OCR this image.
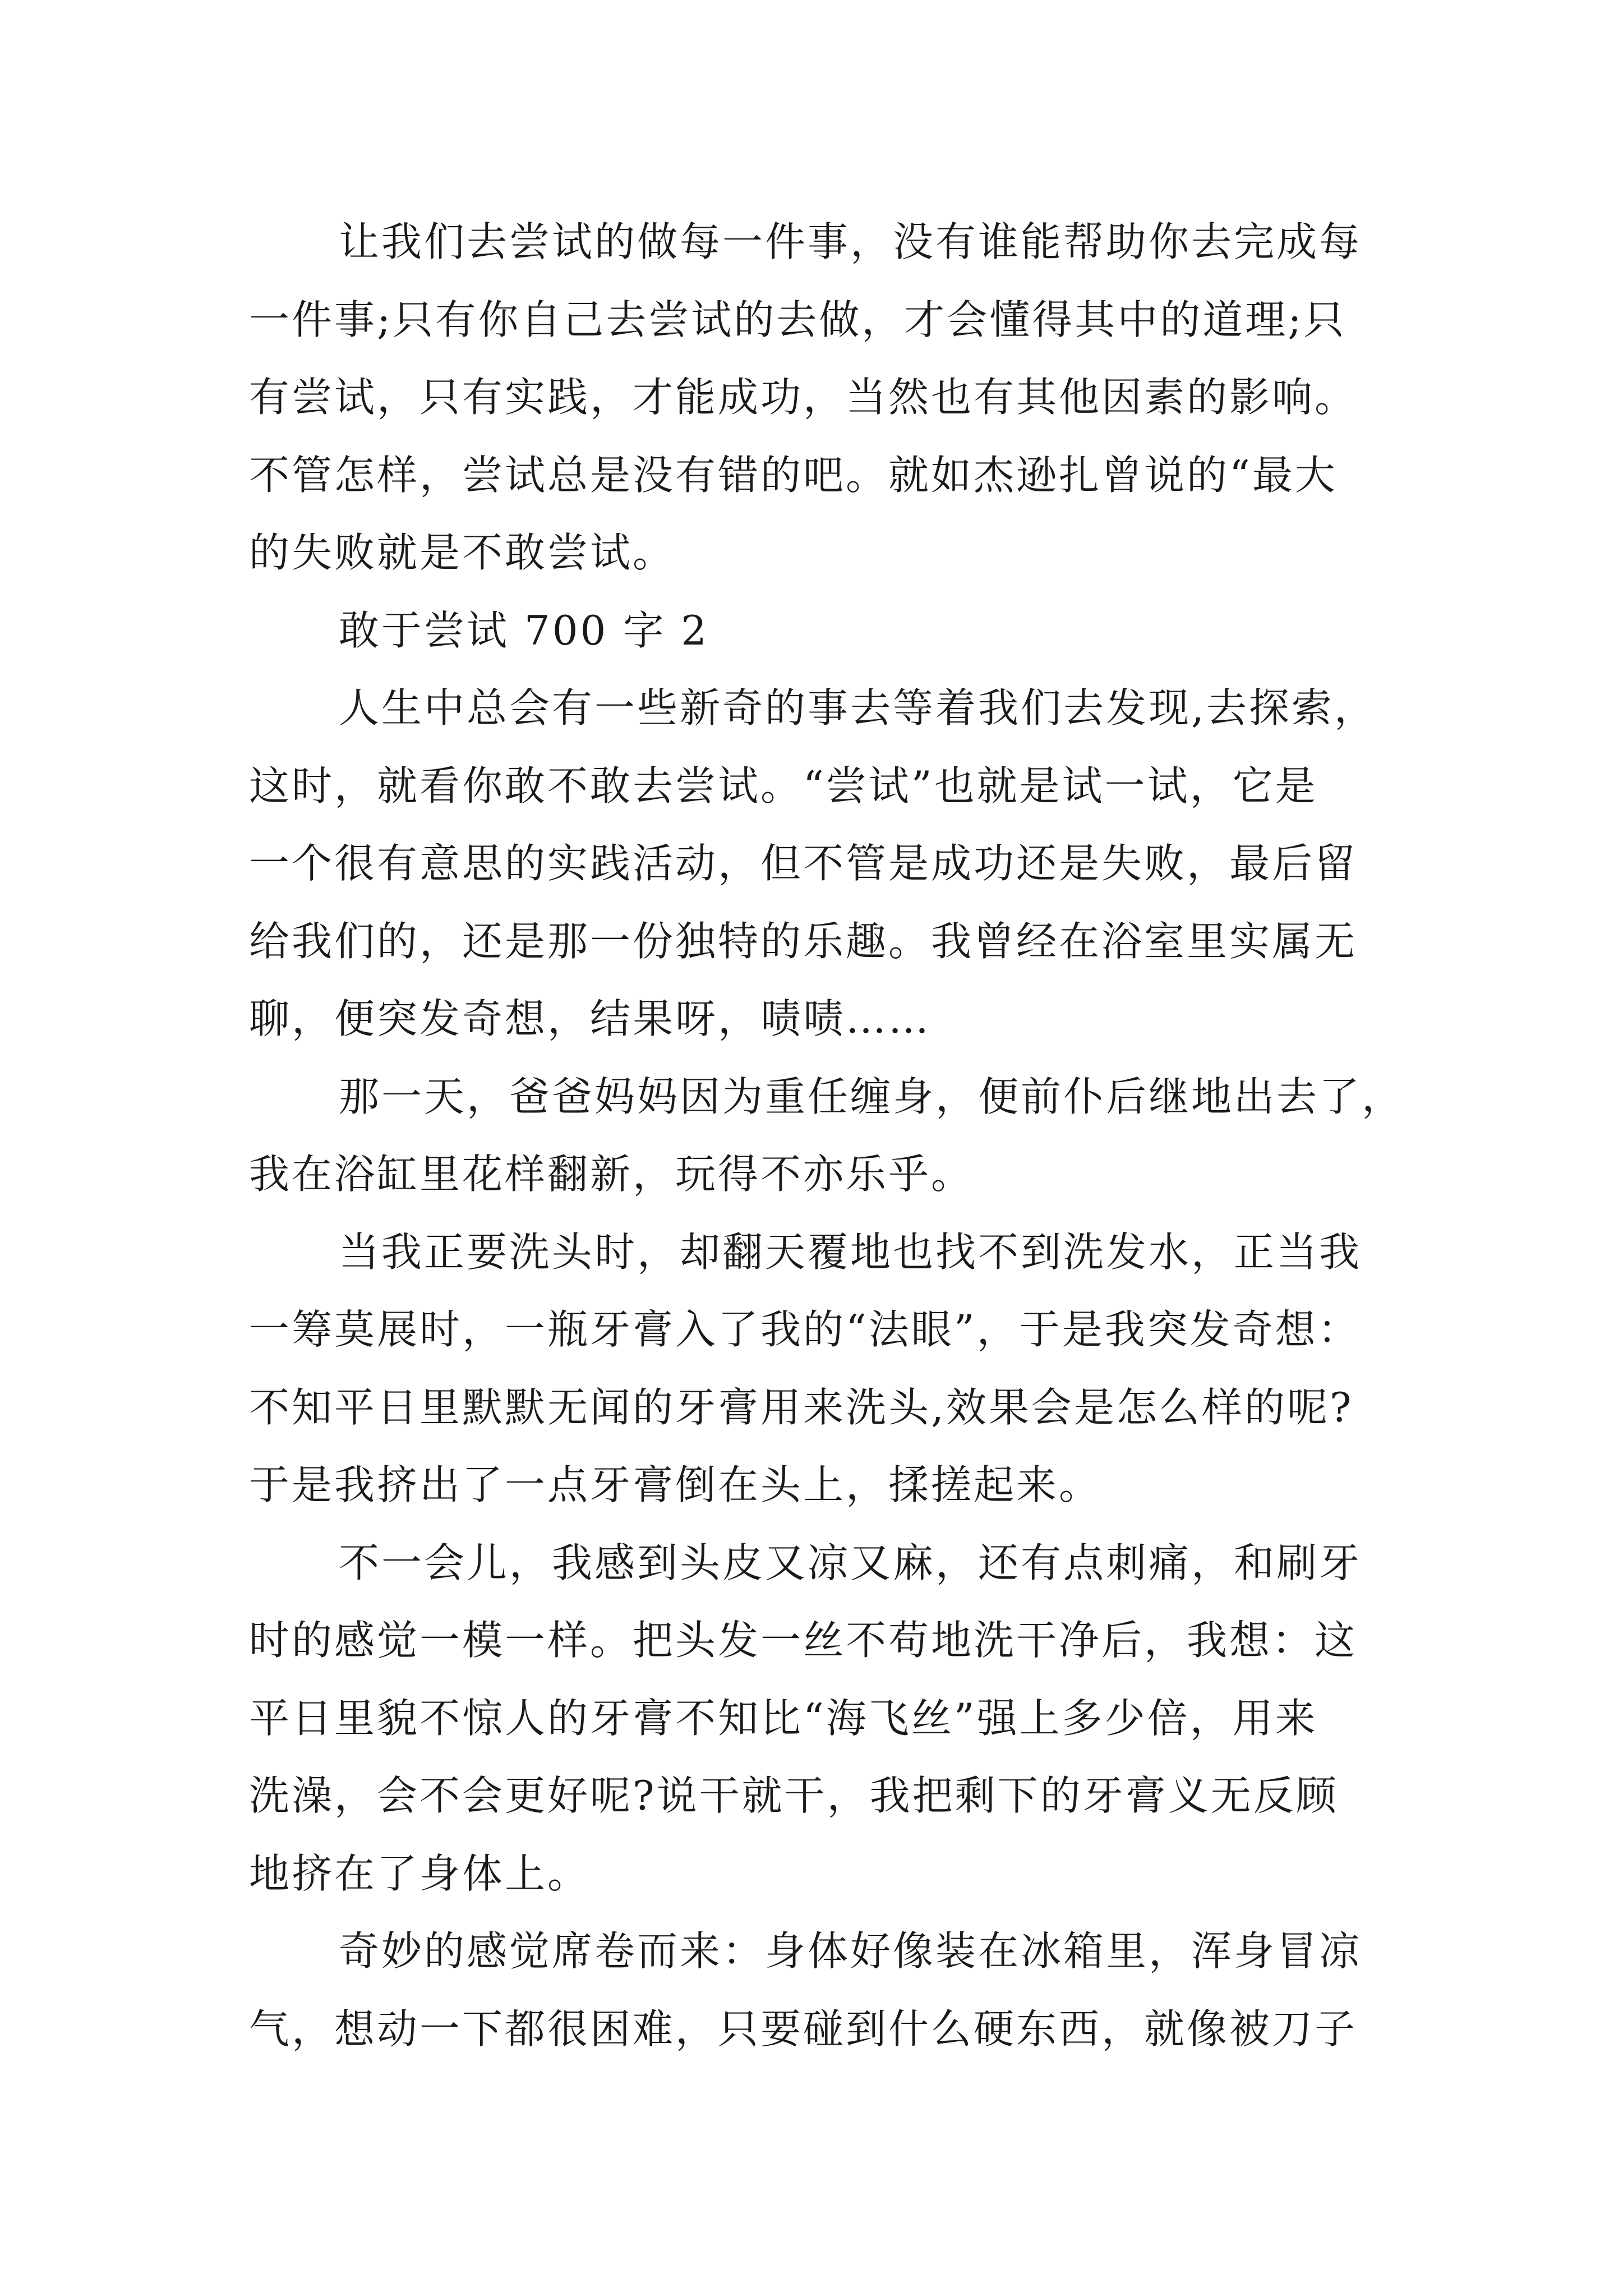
让我们去尝试的做每一件事，没有谁能帮助你去完成每
一件事;只有你自己去尝试的去做，才会懂得其中的道理;只
有尝试，只有实践，才能成功，当然也有其他因素的影响。
不管怎样，尝试总是没有错的吧。就如杰逊扎曾说的“最大
的失败就是不敢尝试。
敢于尝试 700 字 2
人生中总会有一些新奇的事去等着我们去发现,去探索，
这时，就看你敢不敢去尝试。“尝试”也就是试一试，它是
一个很有意思的实践活动，但不管是成功还是失败，最后留
给我们的，还是那一份独特的乐趣。我曾经在浴室里实属无
聊，便突发奇想，结果呀，啧啧……
那一天，爸爸妈妈因为重任缠身，便前仆后继地出去了，
我在浴缸里花样翻新，玩得不亦乐乎。
当我正要洗头时，却翻天覆地也找不到洗发水，正当我
一筹莫展时，一瓶牙膏入了我的“法眼”，于是我突发奇想：
不知平日里默默无闻的牙膏用来洗头,效果会是怎么样的呢?
于是我挤出了一点牙膏倒在头上，揉搓起来。
不一会儿，我感到头皮又凉又麻，还有点刺痛，和刷牙
时的感觉一模一样。把头发一丝不苟地洗干净后，我想：这
平日里貌不惊人的牙膏不知比“海飞丝”强上多少倍，用来
洗澡，会不会更好呢?说干就干，我把剩下的牙膏义无反顾
地挤在了身体上。
奇妙的感觉席卷而来：身体好像装在冰箱里，浑身冒凉
气，想动一下都很困难，只要碰到什么硬东西，就像被刀子
